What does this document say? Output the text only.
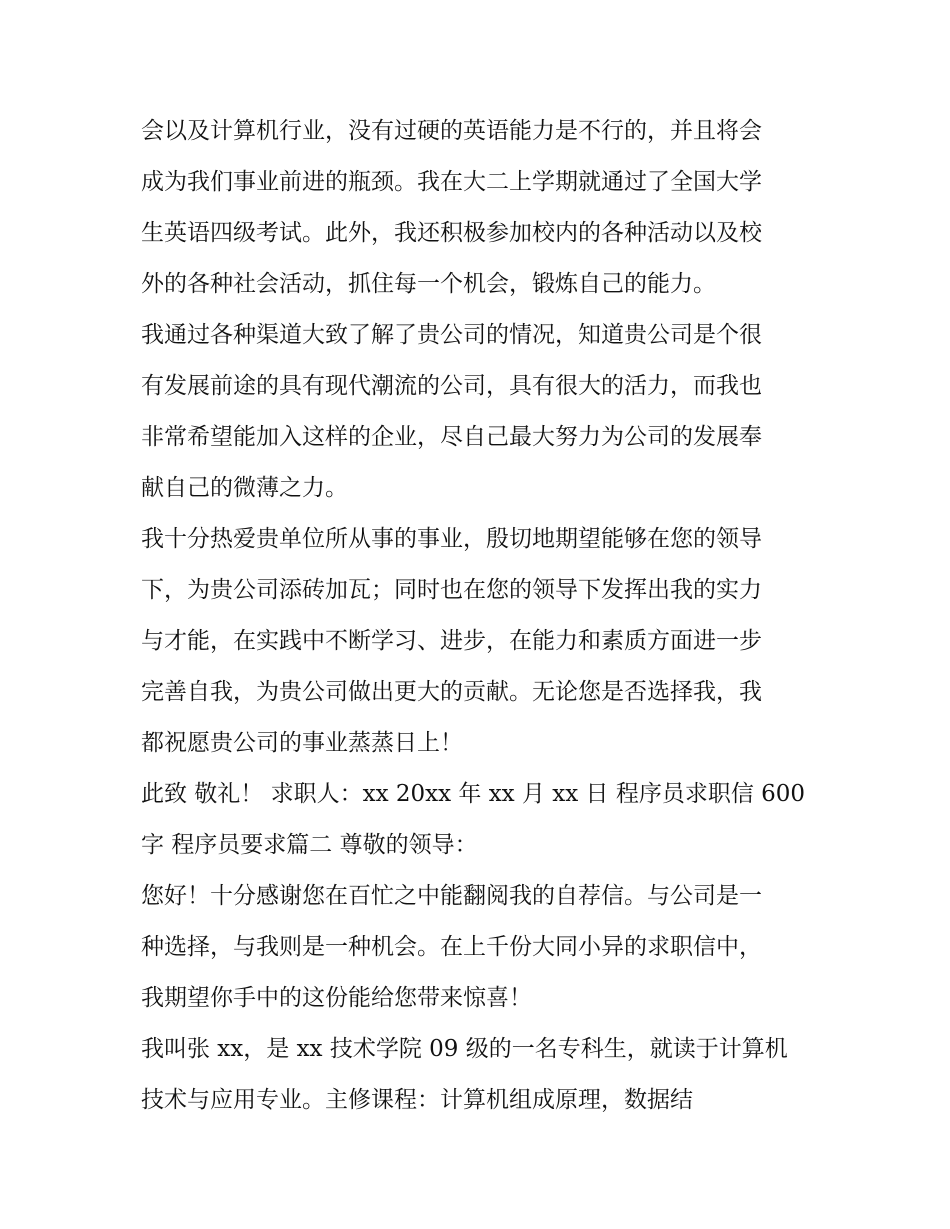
会以及计算机行业，没有过硬的英语能力是不行的，并且将会
成为我们事业前进的瓶颈。我在大二上学期就通过了全国大学
生英语四级考试。此外，我还积极参加校内的各种活动以及校
外的各种社会活动，抓住每一个机会，锻炼自己的能力。
我通过各种渠道大致了解了贵公司的情况，知道贵公司是个很
有发展前途的具有现代潮流的公司，具有很大的活力，而我也
非常希望能加入这样的企业，尽自己最大努力为公司的发展奉
献自己的微薄之力。
我十分热爱贵单位所从事的事业，殷切地期望能够在您的领导
下，为贵公司添砖加瓦；同时也在您的领导下发挥出我的实力
与才能，在实践中不断学习、进步，在能力和素质方面进一步
完善自我，为贵公司做出更大的贡献。无论您是否选择我，我
都祝愿贵公司的事业蒸蒸日上！
此致 敬礼！ 求职人：xx 20xx 年 xx 月 xx 日 程序员求职信 600
字 程序员要求篇二 尊敬的领导：
您好！十分感谢您在百忙之中能翻阅我的自荐信。与公司是一
种选择，与我则是一种机会。在上千份大同小异的求职信中，
我期望你手中的这份能给您带来惊喜！
我叫张 xx，是 xx 技术学院 09 级的一名专科生，就读于计算机
技术与应用专业。主修课程：计算机组成原理，数据结
